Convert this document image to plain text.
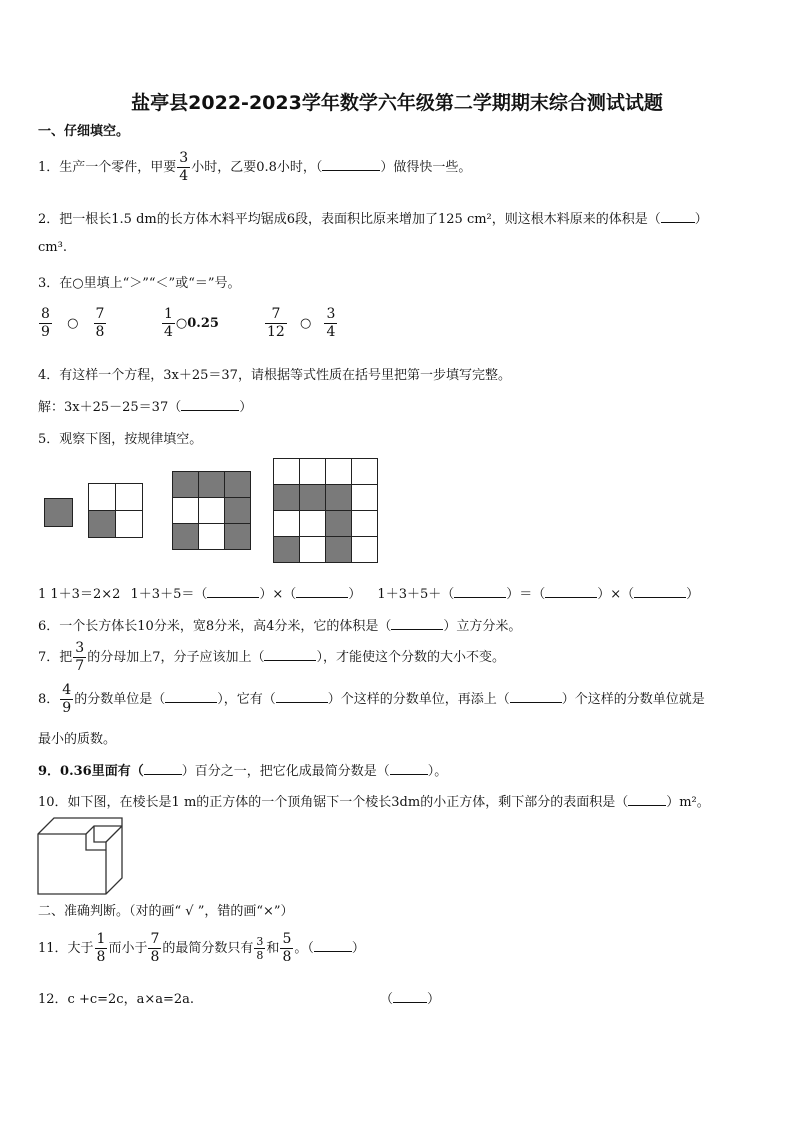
盐亭县2022-2023学年数学六年级第二学期期末综合测试试题
一、仔细填空。
1．生产一个零件，甲要 $\frac{3}{4}$ 小时，乙要0.8小时，（	）做得快一些。
2．把一根长1.5 dm的长方体木料平均锯成6段，表面积比原来增加了125 cm²，则这根木料原来的体积是（	）
cm³.
3．在○里填上“＞”“＜”或“＝”号。
$\frac{8}{9}$ ○ $\frac{7}{8}$	$\frac{1}{4}$ ○0.25	$\frac{7}{12}$ ○ $\frac{3}{4}$
4．有这样一个方程，3x＋25＝37，请根据等式性质在括号里把第一步填写完整。
解：3x＋25－25＝37（	）
5．观察下图，按规律填空。

1 1＋3＝2×2 1＋3＋5＝（	）×（	） 1＋3＋5＋（	）＝（	）×（	）
6．一个长方体长10分米，宽8分米，高4分米，它的体积是（	）立方分米。
7．把 $\frac{3}{7}$ 的分母加上7，分子应该加上（	），才能使这个分数的大小不变。
8． $\frac{4}{9}$ 的分数单位是（	），它有（	）个这样的分数单位，再添上（	）个这样的分数单位就是
最小的质数。
9．0.36里面有（	）百分之一，把它化成最简分数是（	）。
10．如下图，在棱长是1 m的正方体的一个顶角锯下一个棱长3dm的小正方体，剩下部分的表面积是（	）m²。
二、准确判断。（对的画“ √ ”，错的画“×”）
11．大于 $\frac{1}{8}$ 而小于 $\frac{7}{8}$ 的最简分数只有 $\frac{3}{8}$ 和 $\frac{5}{8}$ 。（	）
12．c +c=2c，a×a=2a.	（	）
